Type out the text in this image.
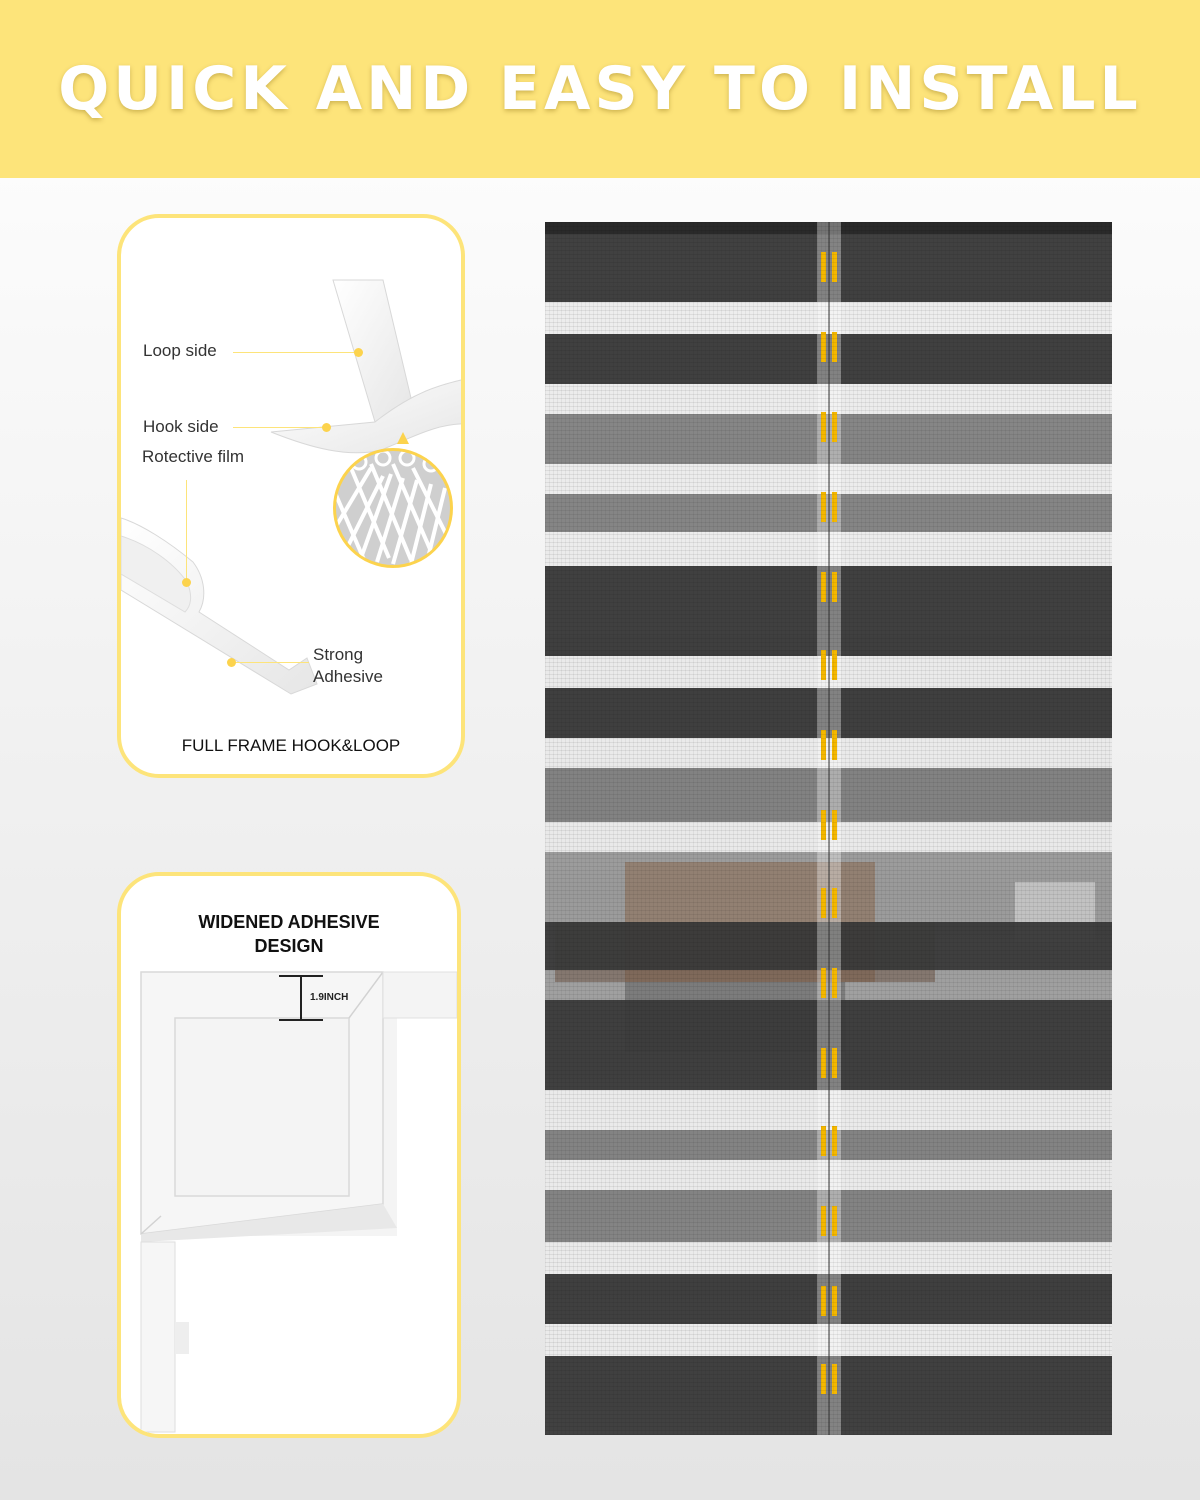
QUICK AND EASY TO INSTALL
Loop side
Hook side
Rotective film
Strong
Adhesive
FULL FRAME HOOK&LOOP
WIDENED ADHESIVE
DESIGN
1.9INCH
